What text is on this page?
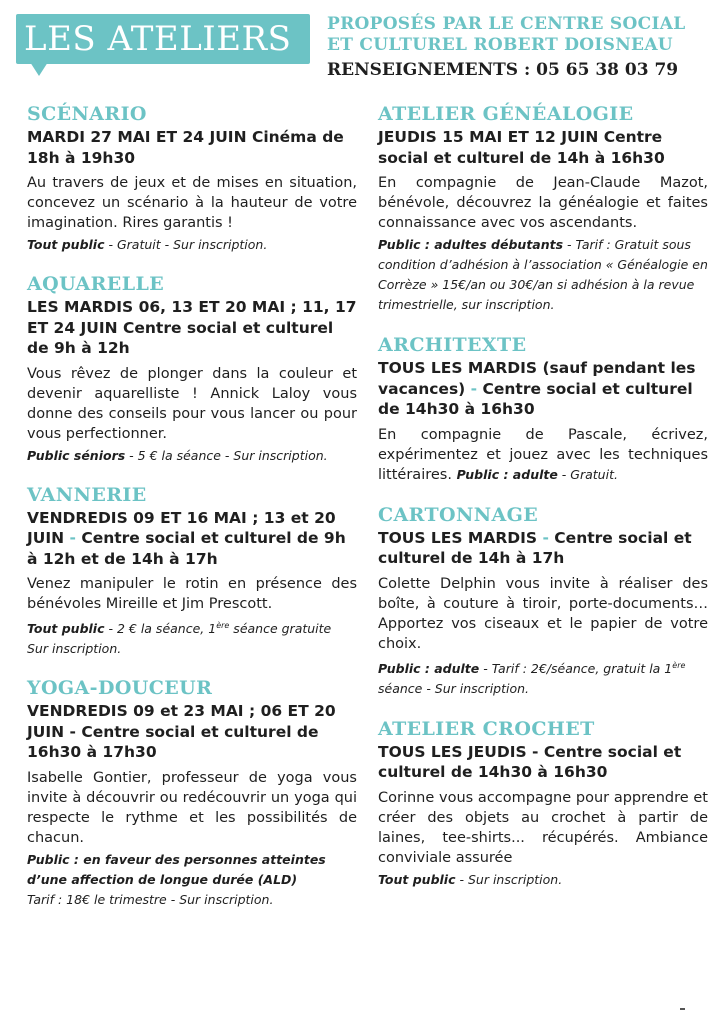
LES ATELIERS	PROPOSÉS PAR LE CENTRE SOCIAL
ET CULTUREL ROBERT DOISNEAU
RENSEIGNEMENTS : 05 65 38 03 79
SCÉNARIO
MARDI 27 MAI ET 24 JUIN Cinéma de 18h à 19h30
Au travers de jeux et de mises en situation, concevez un scénario à la hauteur de votre imagination. Rires garantis !
Tout public - Gratuit - Sur inscription.
AQUARELLE
LES MARDIS 06, 13 ET 20 MAI ; 11, 17 ET 24 JUIN Centre social et culturel de 9h à 12h
Vous rêvez de plonger dans la couleur et devenir aquarelliste ! Annick Laloy vous donne des conseils pour vous lancer ou pour vous perfectionner.
Public séniors - 5 € la séance - Sur inscription.
VANNERIE
VENDREDIS 09 ET 16 MAI ; 13 et 20 JUIN - Centre social et culturel de 9h à 12h et de 14h à 17h
Venez manipuler le rotin en présence des bénévoles Mireille et Jim Prescott.
Tout public - 2 € la séance, 1ère séance gratuite
Sur inscription.
YOGA-DOUCEUR
VENDREDIS 09 et 23 MAI ; 06 ET 20 JUIN - Centre social et culturel de 16h30 à 17h30
Isabelle Gontier, professeur de yoga vous invite à découvrir ou redécouvrir un yoga qui respecte le rythme et les possibilités de chacun.
Public : en faveur des personnes atteintes d’une affection de longue durée (ALD)
Tarif : 18€ le trimestre - Sur inscription.
ATELIER GÉNÉALOGIE
JEUDIS 15 MAI ET 12 JUIN Centre social et culturel de 14h à 16h30
En compagnie de Jean-Claude Mazot, bénévole, découvrez la généalogie et faites connaissance avec vos ascendants.
Public : adultes débutants - Tarif : Gratuit sous condition d’adhésion à l’association « Généalogie en Corrèze » 15€/an ou 30€/an si adhésion à la revue trimestrielle, sur inscription.
ARCHITEXTE
TOUS LES MARDIS (sauf pendant les vacances) - Centre social et culturel de 14h30 à 16h30
En compagnie de Pascale, écrivez, expérimentez et jouez avec les techniques littéraires. Public : adulte - Gratuit.
CARTONNAGE
TOUS LES MARDIS - Centre social et culturel de 14h à 17h
Colette Delphin vous invite à réaliser des boîte, à couture à tiroir, porte-documents… Apportez vos ciseaux et le papier de votre choix.
Public : adulte - Tarif : 2€/séance, gratuit la 1ère
séance - Sur inscription.
ATELIER CROCHET
TOUS LES JEUDIS - Centre social et culturel de 14h30 à 16h30
Corinne vous accompagne pour apprendre et créer des objets au crochet à partir de laines, tee-shirts... récupérés. Ambiance conviviale assurée
Tout public - Sur inscription.
